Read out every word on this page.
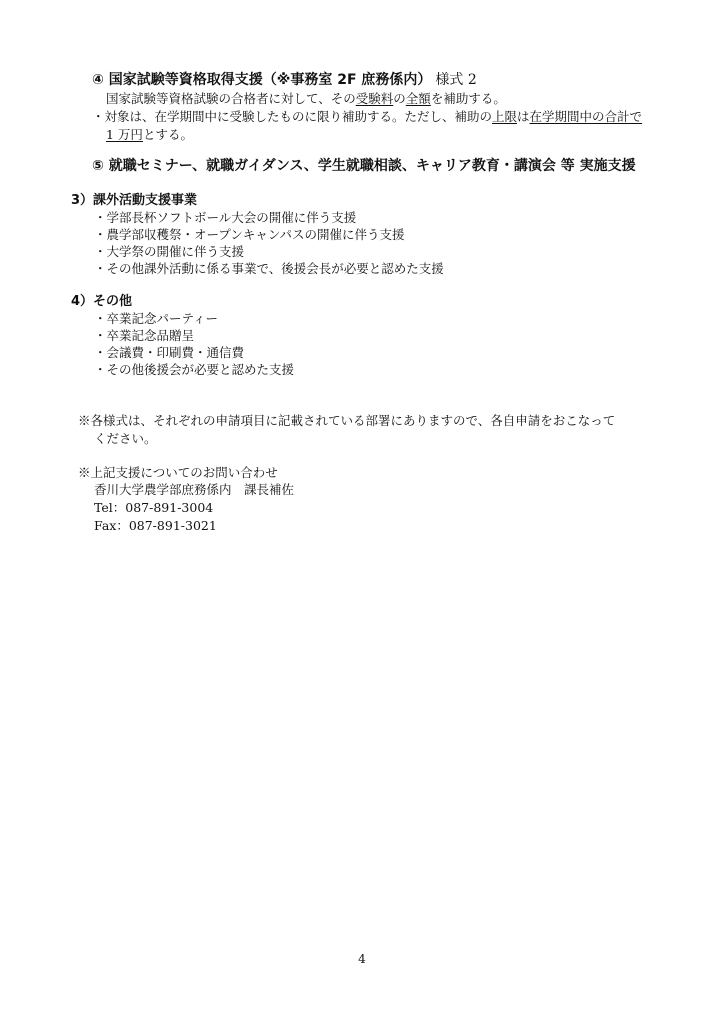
④ 国家試験等資格取得支援（※事務室 2F 庶務係内） 様式 2
国家試験等資格試験の合格者に対して、その受験料の全額を補助する。
・対象は、在学期間中に受験したものに限り補助する。ただし、補助の上限は在学期間中の合計で
1 万円とする。
⑤ 就職セミナー、就職ガイダンス、学生就職相談、キャリア教育・講演会 等 実施支援
3）課外活動支援事業
・学部長杯ソフトボール大会の開催に伴う支援
・農学部収穫祭・オープンキャンパスの開催に伴う支援
・大学祭の開催に伴う支援
・その他課外活動に係る事業で、後援会長が必要と認めた支援
4）その他
・卒業記念パーティー
・卒業記念品贈呈
・会議費・印刷費・通信費
・その他後援会が必要と認めた支援
※各様式は、それぞれの申請項目に記載されている部署にありますので、各自申請をおこなって
ください。
※上記支援についてのお問い合わせ
香川大学農学部庶務係内　課長補佐
Tel：087-891-3004
Fax：087-891-3021
4
